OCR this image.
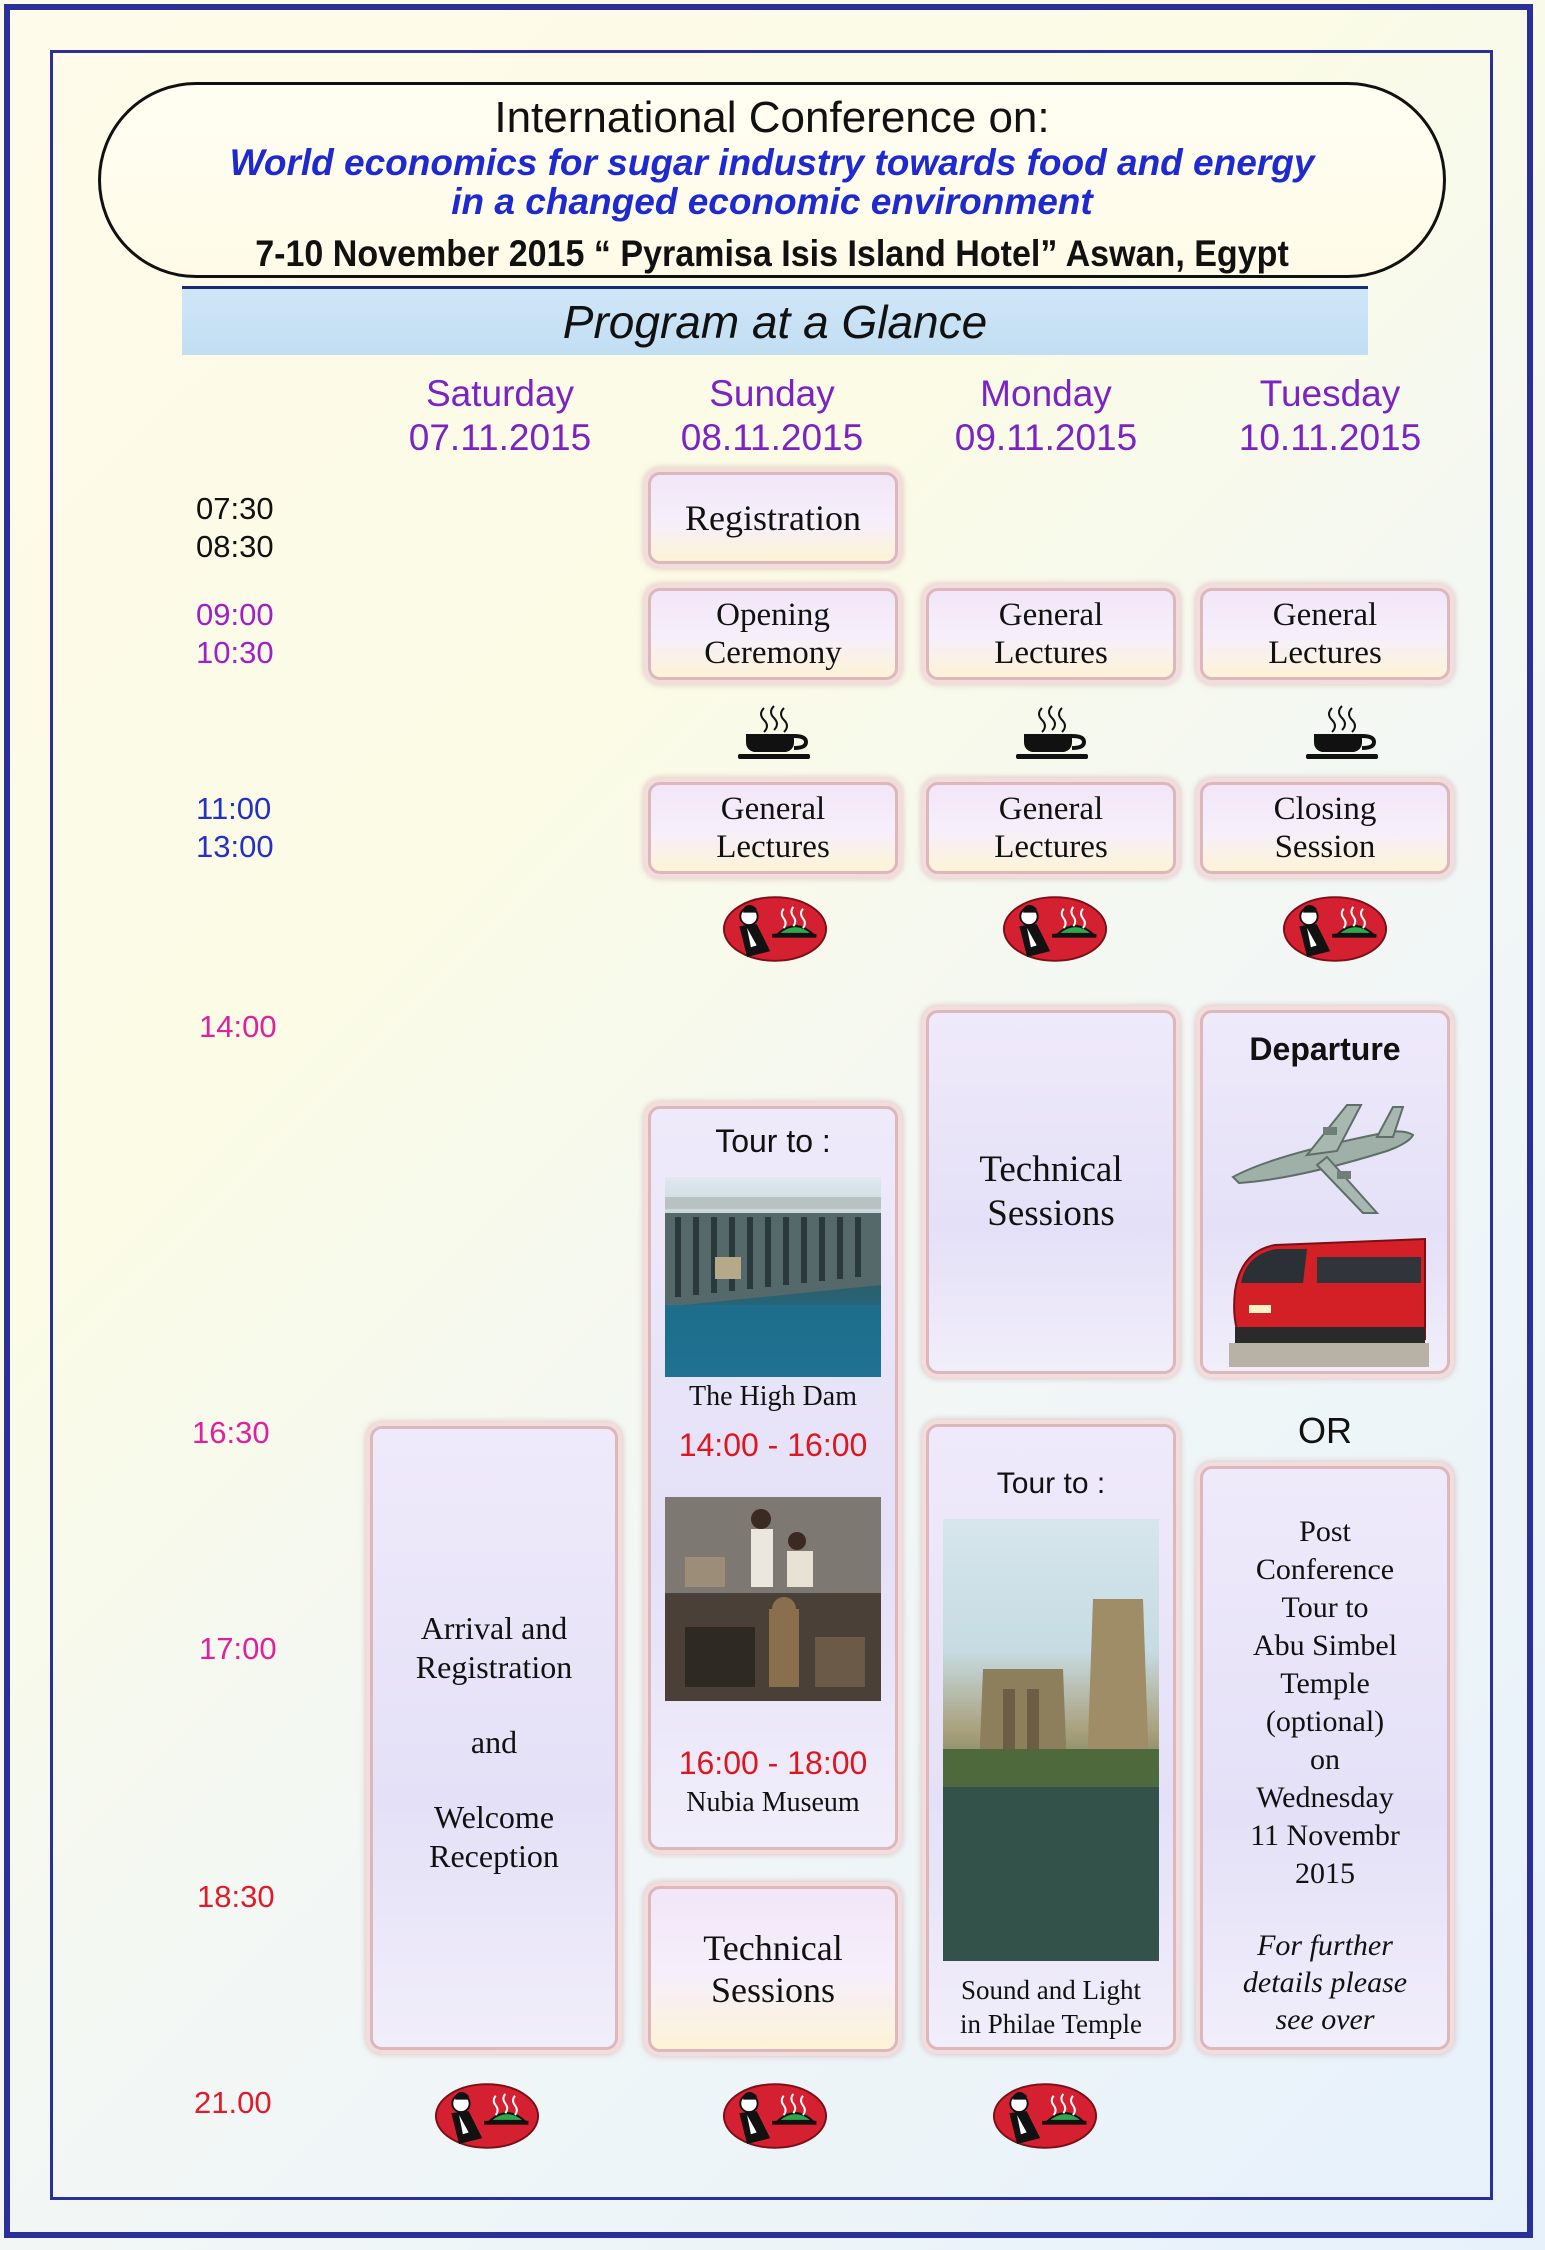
International Conference on:
World economics for sugar industry towards food and energy
in a changed economic environment
7-10 November 2015 “ Pyramisa Isis Island Hotel” Aswan, Egypt
Program at a Glance
Saturday
07.11.2015
Sunday
08.11.2015
Monday
09.11.2015
Tuesday
10.11.2015
07:30
08:30
09:00
10:30
11:00
13:00
14:00
16:30
17:00
18:30
21.00
Registration
Opening
Ceremony
General
Lectures
Tour to :
The High Dam
14:00 - 16:00
16:00 - 18:00
Nubia Museum
Technical
Sessions
General
Lectures
General
Lectures
Technical
Sessions
Tour to :
Sound and Light
in Philae Temple
General
Lectures
Closing
Session
Departure
OR
Post
Conference
Tour to
Abu Simbel
Temple
(optional)
on
Wednesday
11 Novembr
2015
For further
details please
see over
Arrival and
Registration
and
Welcome
Reception
